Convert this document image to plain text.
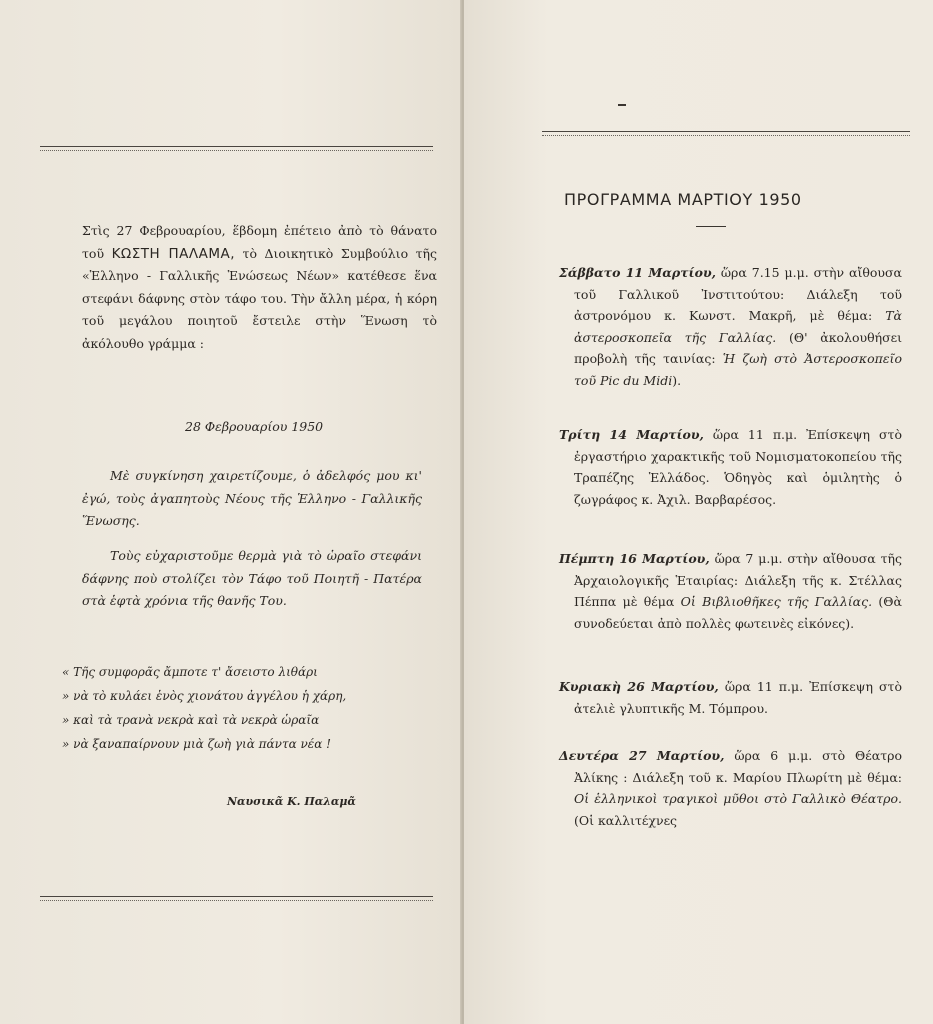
Στὶς 27 Φεβρουαρίου, ἕβδομη ἐπέτειο ἀπὸ τὸ θάνατο τοῦ ΚΩΣΤΗ ΠΑΛΑΜΑ, τὸ Διοικητικὸ Συμβούλιο τῆς «Ἑλληνο - Γαλλικῆς Ἑνώσεως Νέων» κατέθεσε ἕνα στεφάνι δάφνης στὸν τάφο του. Τὴν ἄλλη μέρα, ἡ κόρη τοῦ μεγάλου ποιητοῦ ἔστειλε στὴν Ἕνωση τὸ ἀκόλουθο γράμμα :
28 Φεβρουαρίου 1950
Μὲ συγκίνηση χαιρετίζουμε, ὁ ἀδελφός μου κι' ἐγώ, τοὺς ἀγαπητοὺς Νέους τῆς Ἑλληνο - Γαλλικῆς Ἕνωσης.
Τοὺς εὐχαριστοῦμε θερμὰ γιὰ τὸ ὡραῖο στεφάνι δάφνης ποὺ στολίζει τὸν Τάφο τοῦ Ποιητῆ - Πατέρα στὰ ἑφτὰ χρόνια τῆς θανῆς Του.
« Τῆς συμφορᾶς ἄμποτε τ' ἄσειστο λιθάρι
» νὰ τὸ κυλάει ἑνὸς χιονάτου ἀγγέλου ἡ χάρη,
» καὶ τὰ τρανὰ νεκρὰ καὶ τὰ νεκρὰ ὡραῖα
» νὰ ξαναπαίρνουν μιὰ ζωὴ γιὰ πάντα νέα !
Ναυσικᾶ Κ. Παλαμᾶ
ΠΡΟΓΡΑΜΜΑ ΜΑΡΤΙΟΥ 1950

Σάββατο 11 Μαρτίου, ὥρα 7.15 μ.μ. στὴν αἴθουσα τοῦ Γαλλικοῦ Ἰνστιτούτου: Διάλεξη τοῦ ἀστρονόμου κ. Κωνστ. Μακρῆ, μὲ θέμα: Τὰ ἀστεροσκοπεῖα τῆς Γαλλίας. (Θ' ἀκολουθήσει προβολὴ τῆς ταινίας: Ἡ ζωὴ στὸ Ἀστεροσκοπεῖο τοῦ Pic du Midi).

Τρίτη 14 Μαρτίου, ὥρα 11 π.μ. Ἐπίσκεψη στὸ ἐργαστήριο χαρακτικῆς τοῦ Νομισματοκοπείου τῆς Τραπέζης Ἑλλάδος. Ὁδηγὸς καὶ ὁμιλητὴς ὁ ζωγράφος κ. Ἀχιλ. Βαρβαρέσος.

Πέμπτη 16 Μαρτίου, ὥρα 7 μ.μ. στὴν αἴθουσα τῆς Ἀρχαιολογικῆς Ἑταιρίας: Διάλεξη τῆς κ. Στέλλας Πέππα μὲ θέμα Οἱ Βιβλιοθῆκες τῆς Γαλλίας. (Θὰ συνοδεύεται ἀπὸ πολλὲς φωτεινὲς εἰκόνες).

Κυριακὴ 26 Μαρτίου, ὥρα 11 π.μ. Ἐπίσκεψη στὸ ἀτελιὲ γλυπτικῆς Μ. Τόμπρου.

Δευτέρα 27 Μαρτίου, ὥρα 6 μ.μ. στὸ Θέατρο Ἀλίκης : Διάλεξη τοῦ κ. Μαρίου Πλωρίτη μὲ θέμα: Οἱ ἑλληνικοὶ τραγικοὶ μῦθοι στὸ Γαλλικὸ Θέατρο. (Οἱ καλλιτέχνες
